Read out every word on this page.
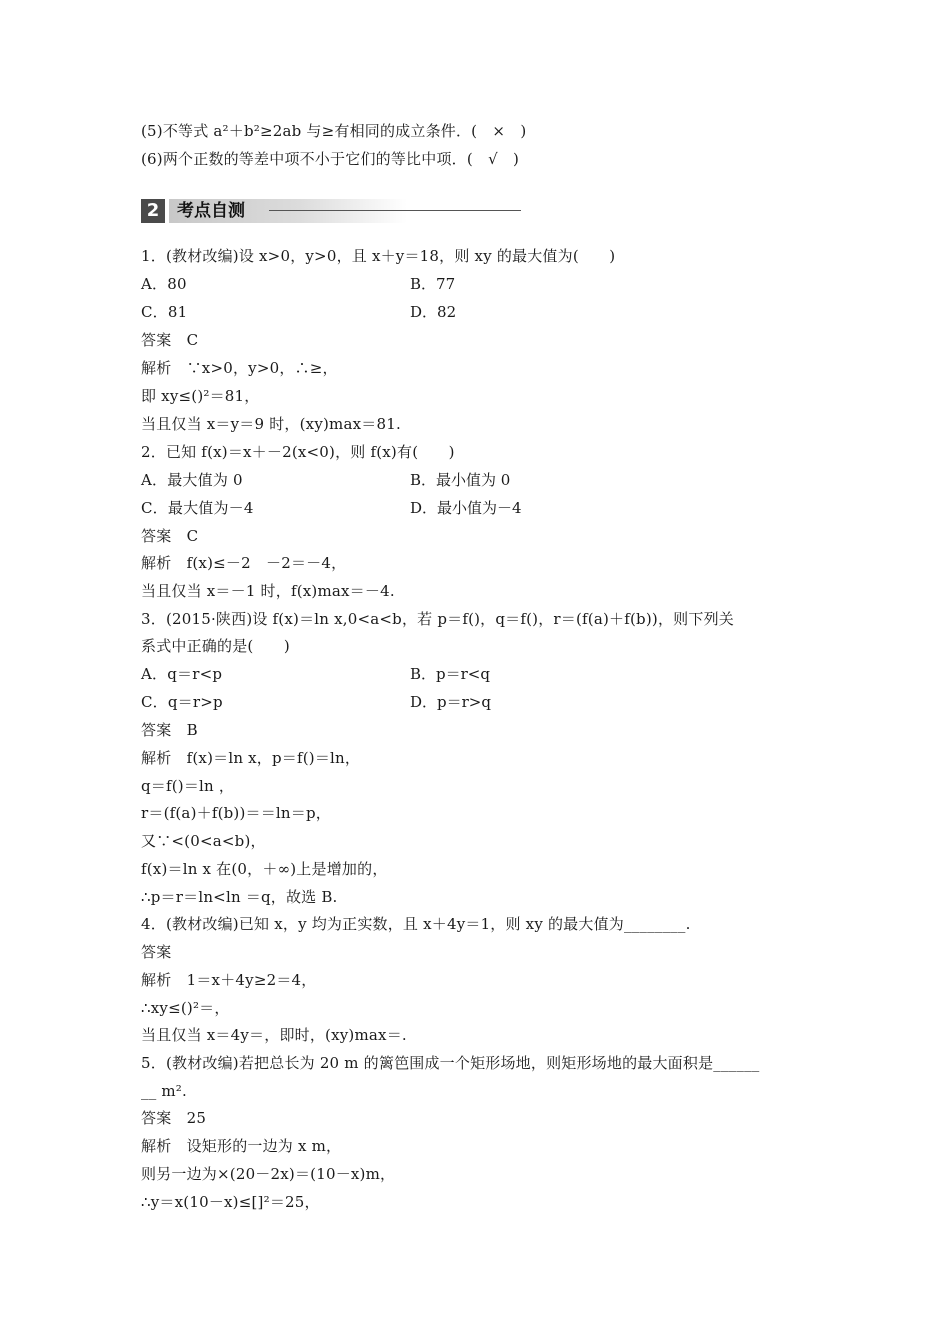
(5)不等式 a²＋b²≥2ab 与≥有相同的成立条件．(　×　)
(6)两个正数的等差中项不小于它们的等比中项．(　√　)
2	考点自测
1．(教材改编)设 x>0，y>0，且 x＋y＝18，则 xy 的最大值为(　　)
A．80	B．77
C．81	D．82
答案　C
解析　∵x>0，y>0，∴≥，
即 xy≤()²＝81，
当且仅当 x＝y＝9 时，(xy)max＝81.
2．已知 f(x)＝x＋－2(x<0)，则 f(x)有(　　)
A．最大值为 0	B．最小值为 0
C．最大值为－4	D．最小值为－4
答案　C
解析　f(x)≤－2　－2＝－4，
当且仅当 x＝－1 时，f(x)max＝－4.
3．(2015·陕西)设 f(x)＝ln x,0<a<b，若 p＝f()，q＝f()，r＝(f(a)＋f(b))，则下列关
系式中正确的是(　　)
A．q＝r<p	B．p＝r<q
C．q＝r>p	D．p＝r>q
答案　B
解析　f(x)＝ln x，p＝f()＝ln，
q＝f()＝ln ，
r＝(f(a)＋f(b))＝＝ln＝p，
又∵<(0<a<b)，
f(x)＝ln x 在(0，＋∞)上是增加的，
∴p＝r＝ln<ln ＝q，故选 B.
4．(教材改编)已知 x，y 均为正实数，且 x＋4y＝1，则 xy 的最大值为________.
答案
解析　1＝x＋4y≥2＝4，
∴xy≤()²＝，
当且仅当 x＝4y＝，即时，(xy)max＝.
5．(教材改编)若把总长为 20 m 的篱笆围成一个矩形场地，则矩形场地的最大面积是______
__ m².
答案　25
解析　设矩形的一边为 x m，
则另一边为×(20－2x)＝(10－x)m，
∴y＝x(10－x)≤[]²＝25，
